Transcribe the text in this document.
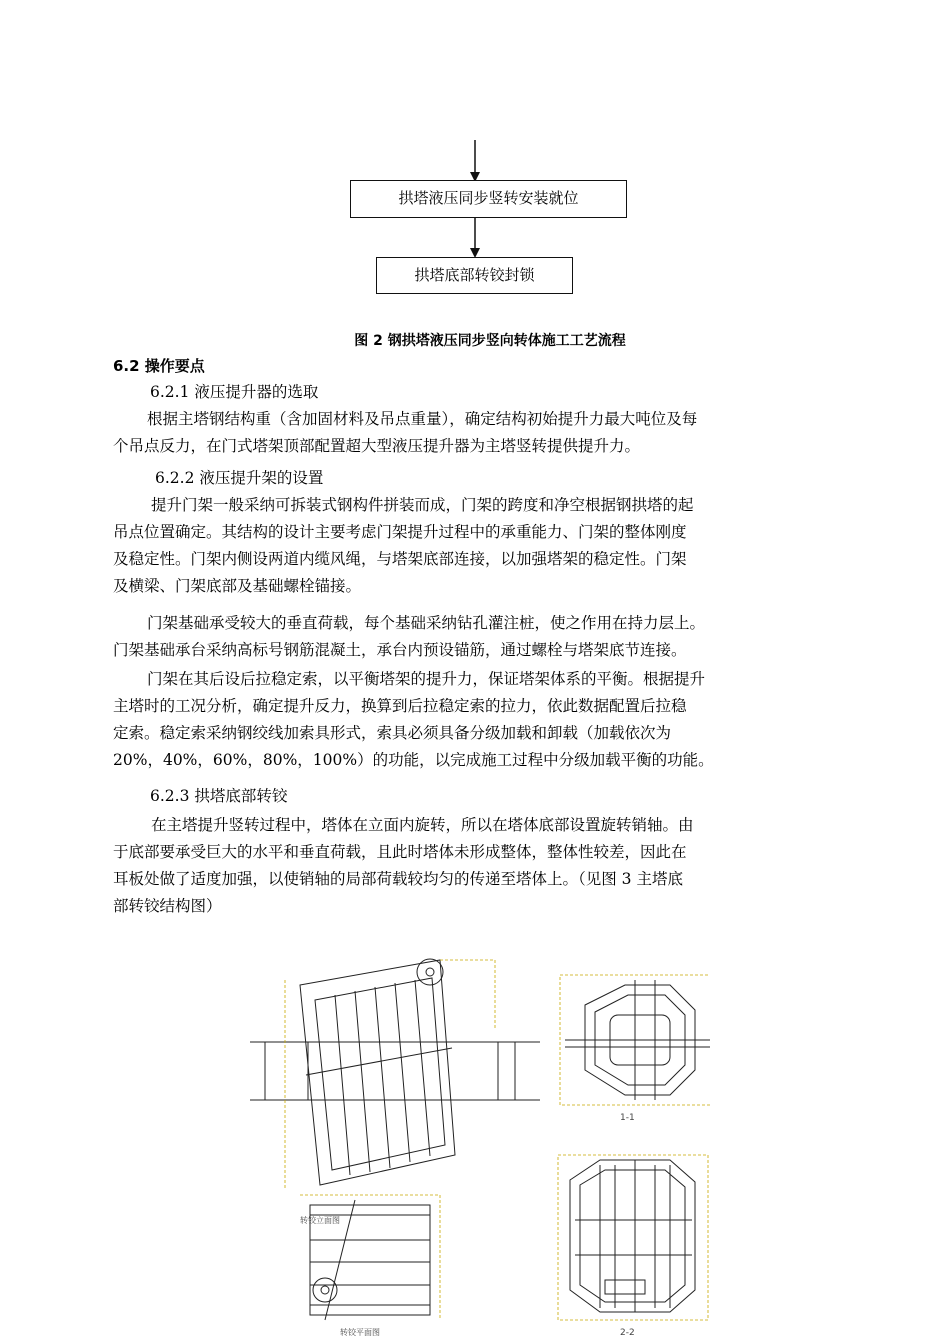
拱塔液压同步竖转安装就位
拱塔底部转铰封锁
图 2 钢拱塔液压同步竖向转体施工工艺流程
6.2 操作要点
6.2.1 液压提升器的选取
根据主塔钢结构重（含加固材料及吊点重量），确定结构初始提升力最大吨位及每
个吊点反力，在门式塔架顶部配置超大型液压提升器为主塔竖转提供提升力。
6.2.2 液压提升架的设置
提升门架一般采纳可拆装式钢构件拼装而成，门架的跨度和净空根据钢拱塔的起
吊点位置确定。其结构的设计主要考虑门架提升过程中的承重能力、门架的整体刚度
及稳定性。门架内侧设两道内缆风绳，与塔架底部连接，以加强塔架的稳定性。门架
及横梁、门架底部及基础螺栓锚接。
门架基础承受较大的垂直荷载，每个基础采纳钻孔灌注桩，使之作用在持力层上。
门架基础承台采纳高标号钢筋混凝土，承台内预设锚筋，通过螺栓与塔架底节连接。
门架在其后设后拉稳定索，以平衡塔架的提升力，保证塔架体系的平衡。根据提升
主塔时的工况分析，确定提升反力，换算到后拉稳定索的拉力，依此数据配置后拉稳
定索。稳定索采纳钢绞线加索具形式，索具必须具备分级加载和卸载（加载依次为
20%，40%，60%，80%，100%）的功能，以完成施工过程中分级加载平衡的功能。
6.2.3 拱塔底部转铰
在主塔提升竖转过程中，塔体在立面内旋转，所以在塔体底部设置旋转销轴。由
于底部要承受巨大的水平和垂直荷载，且此时塔体未形成整体，整体性较差，因此在
耳板处做了适度加强，以使销轴的局部荷载较均匀的传递至塔体上。（见图 3 主塔底
部转铰结构图）
转铰立面图
1-1
2-2
转铰平面图
